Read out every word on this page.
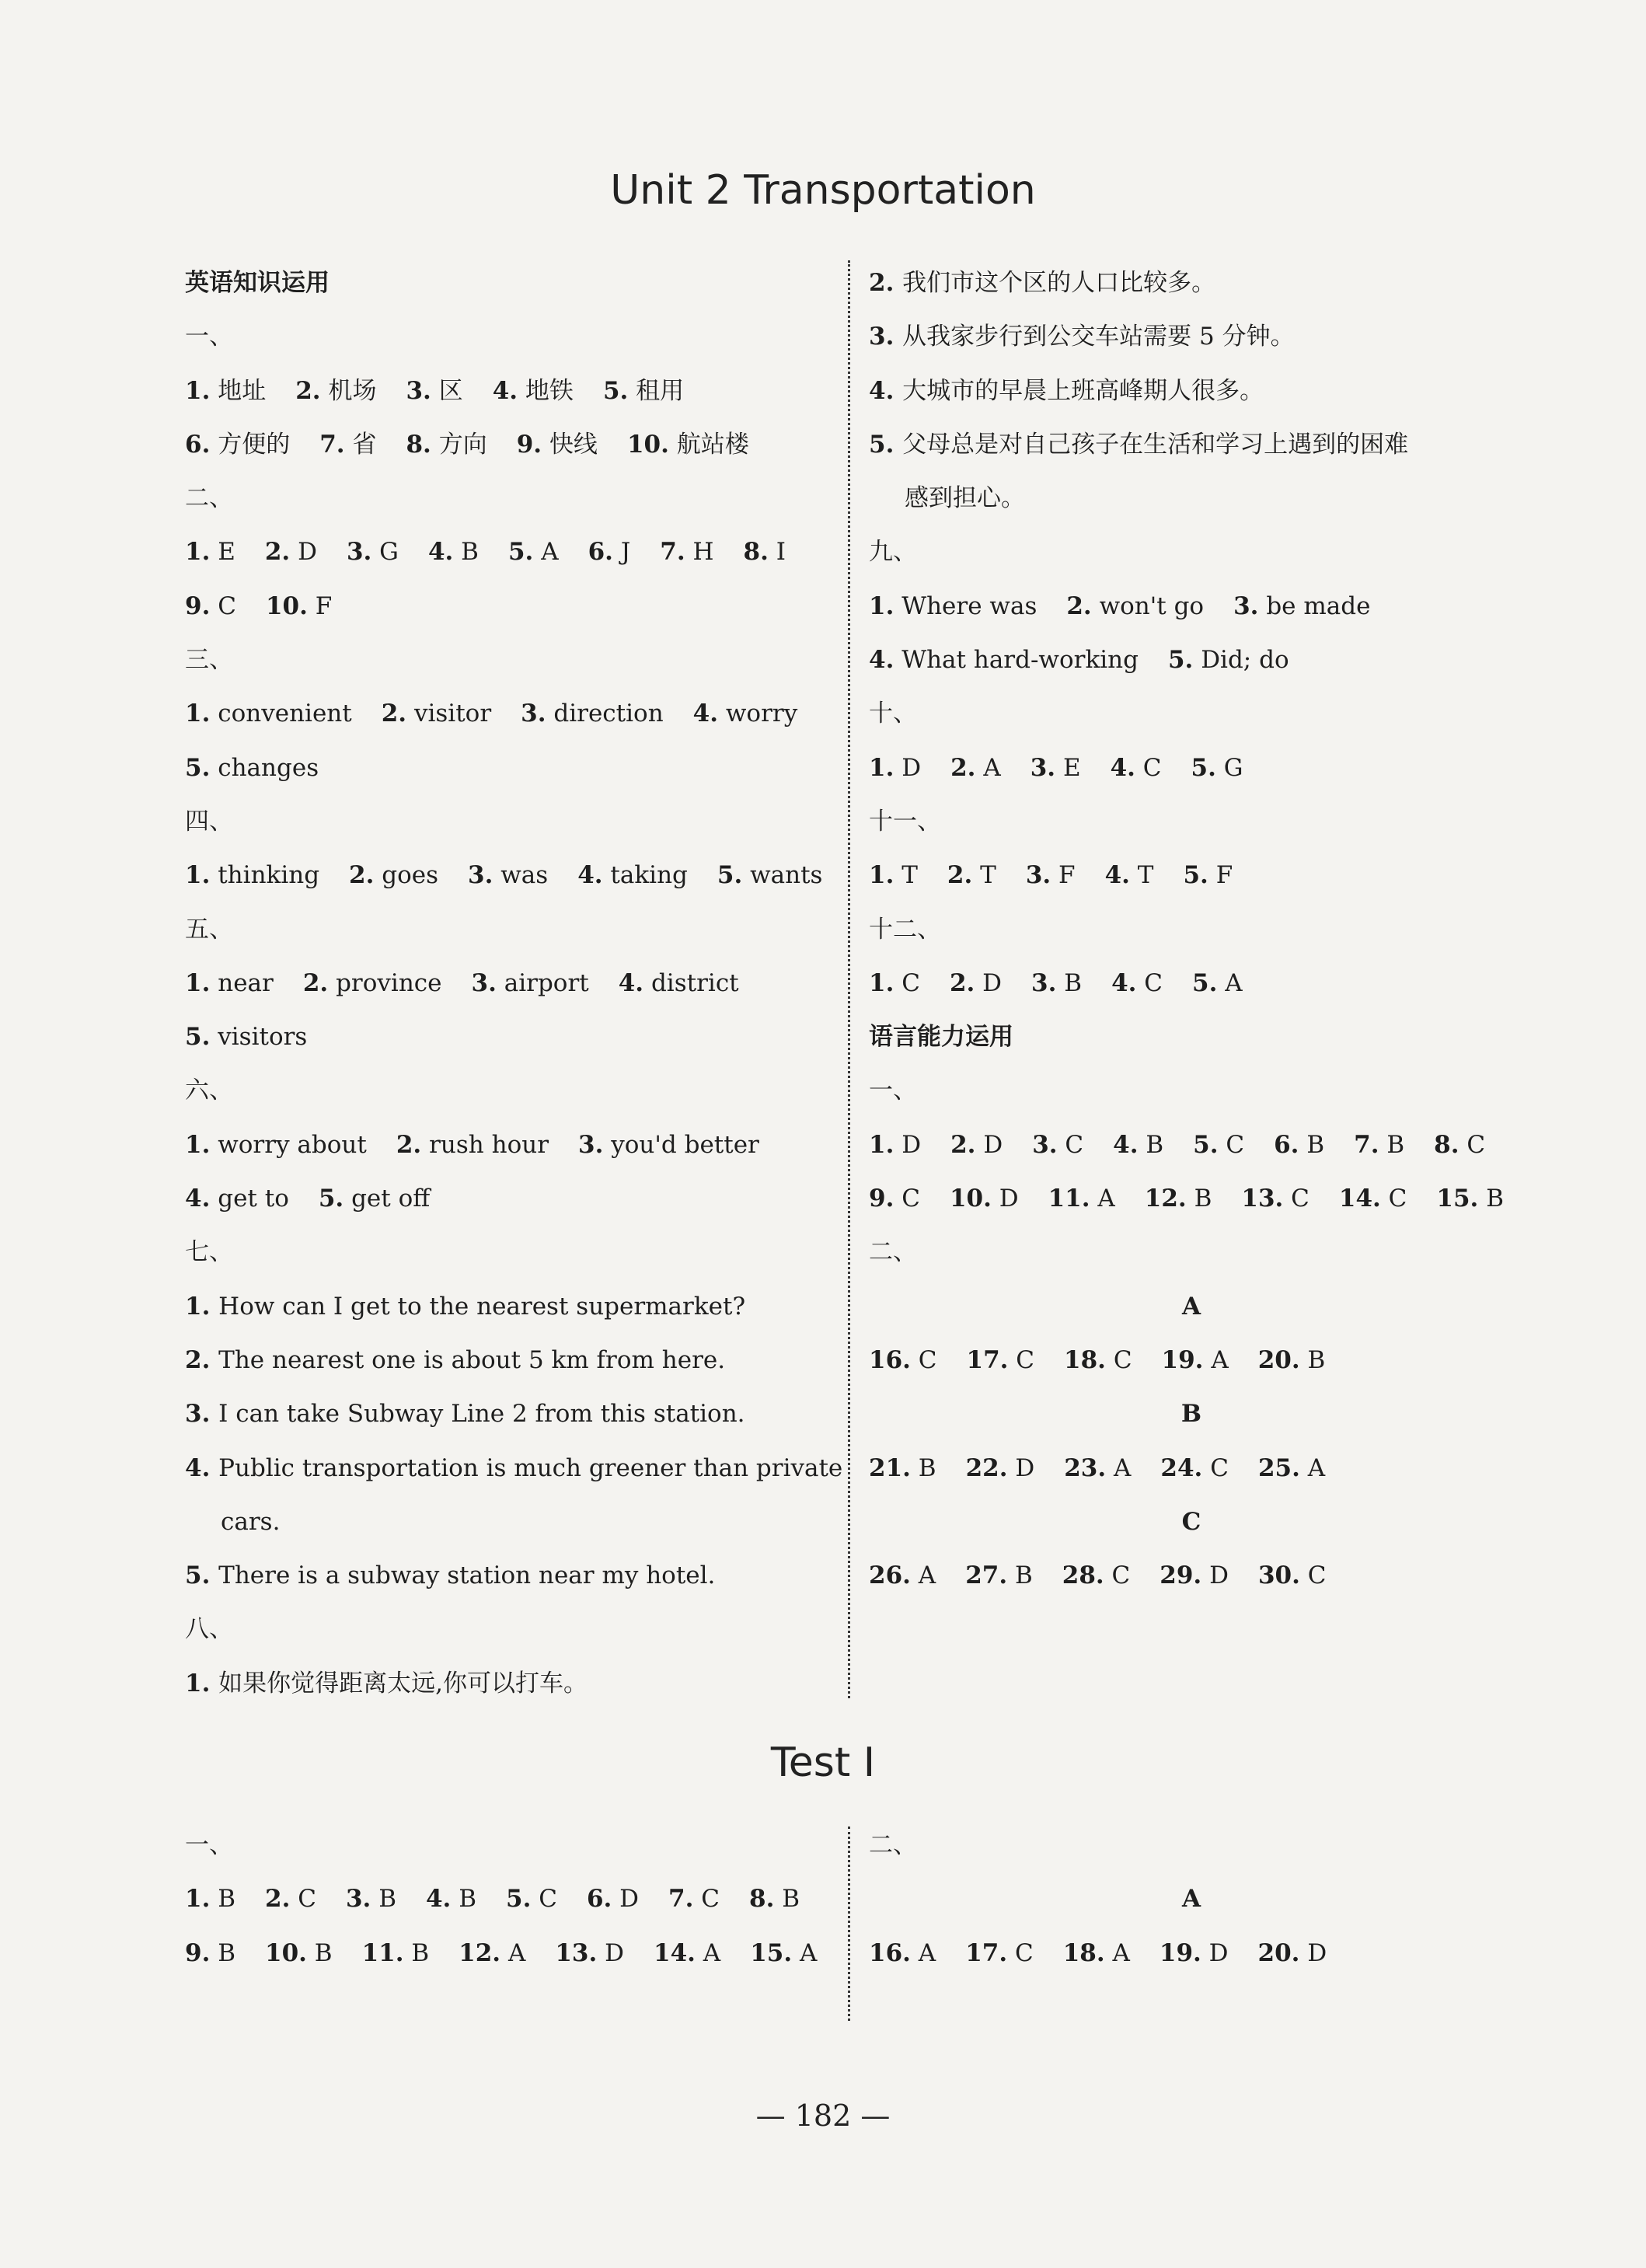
Unit 2 Transportation
英语知识运用
一、
1. 地址 2. 机场 3. 区 4. 地铁 5. 租用
6. 方便的 7. 省 8. 方向 9. 快线 10. 航站楼
二、
1. E 2. D 3. G 4. B 5. A 6. J 7. H 8. I
9. C 10. F
三、
1. convenient 2. visitor 3. direction 4. worry
5. changes
四、
1. thinking 2. goes 3. was 4. taking 5. wants
五、
1. near 2. province 3. airport 4. district
5. visitors
六、
1. worry about 2. rush hour 3. you'd better
4. get to 5. get off
七、
1. How can I get to the nearest supermarket?
2. The nearest one is about 5 km from here.
3. I can take Subway Line 2 from this station.
4. Public transportation is much greener than private
cars.
5. There is a subway station near my hotel.
八、
1. 如果你觉得距离太远,你可以打车。
2. 我们市这个区的人口比较多。
3. 从我家步行到公交车站需要 5 分钟。
4. 大城市的早晨上班高峰期人很多。
5. 父母总是对自己孩子在生活和学习上遇到的困难
感到担心。
九、
1. Where was 2. won't go 3. be made
4. What hard-working 5. Did; do
十、
1. D 2. A 3. E 4. C 5. G
十一、
1. T 2. T 3. F 4. T 5. F
十二、
1. C 2. D 3. B 4. C 5. A
语言能力运用
一、
1. D 2. D 3. C 4. B 5. C 6. B 7. B 8. C
9. C 10. D 11. A 12. B 13. C 14. C 15. B
二、
A
16. C 17. C 18. C 19. A 20. B
B
21. B 22. D 23. A 24. C 25. A
C
26. A 27. B 28. C 29. D 30. C
Test Ⅰ
一、
1. B 2. C 3. B 4. B 5. C 6. D 7. C 8. B
9. B 10. B 11. B 12. A 13. D 14. A 15. A
二、
A
16. A 17. C 18. A 19. D 20. D
— 182 —
